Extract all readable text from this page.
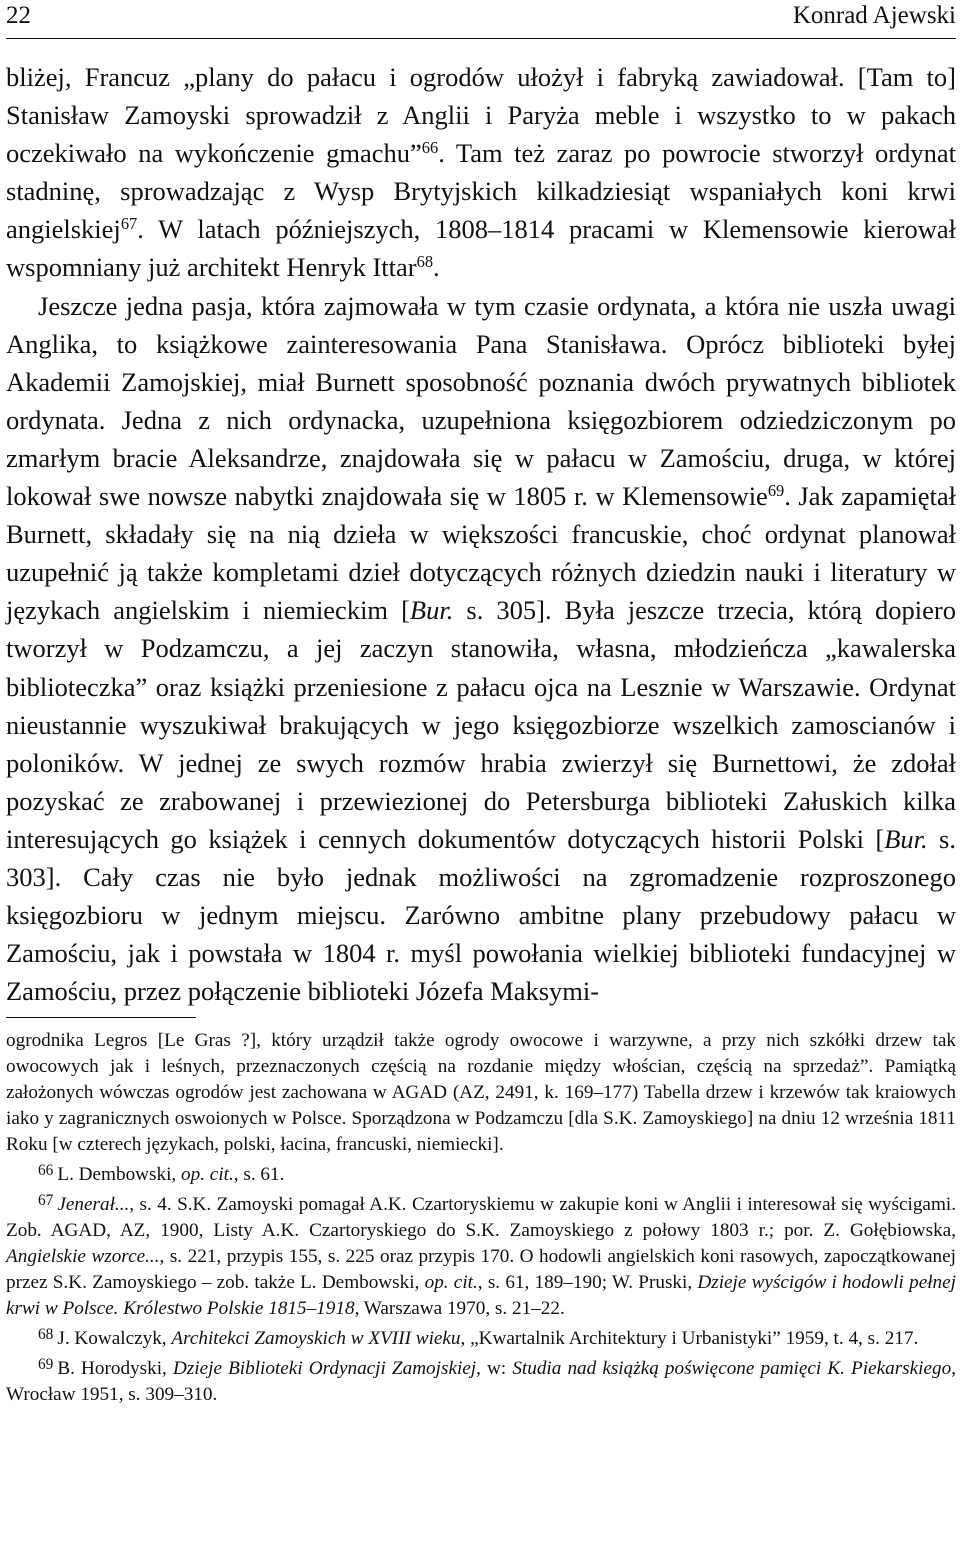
22	Konrad Ajewski

bliżej, Francuz „plany do pałacu i ogrodów ułożył i fabryką zawiadował. [Tam to] Stanisław Zamoyski sprowadził z Anglii i Paryża meble i wszystko to w pakach oczekiwało na wykończenie gmachu”$^{66}$. Tam też zaraz po powrocie stworzył ordynat stadninę, sprowadzając z Wysp Brytyjskich kilkadziesiąt wspaniałych koni krwi angielskiej$^{67}$. W latach późniejszych, 1808–1814 pracami w Klemensowie kierował wspomniany już architekt Henryk Ittar$^{68}$.

Jeszcze jedna pasja, która zajmowała w tym czasie ordynata, a która nie uszła uwagi Anglika, to książkowe zainteresowania Pana Stanisława. Oprócz biblioteki byłej Akademii Zamojskiej, miał Burnett sposobność poznania dwóch prywatnych bibliotek ordynata. Jedna z nich ordynacka, uzupełniona księgozbiorem odziedziczonym po zmarłym bracie Aleksandrze, znajdowała się w pałacu w Zamościu, druga, w której lokował swe nowsze nabytki znajdowała się w 1805 r. w Klemensowie$^{69}$. Jak zapamiętał Burnett, składały się na nią dzieła w większości francuskie, choć ordynat planował uzupełnić ją także kompletami dzieł dotyczących różnych dziedzin nauki i literatury w językach angielskim i niemieckim [Bur. s. 305]. Była jeszcze trzecia, którą dopiero tworzył w Podzamczu, a jej zaczyn stanowiła, własna, młodzieńcza „kawalerska biblioteczka” oraz książki przeniesione z pałacu ojca na Lesznie w Warszawie. Ordynat nieustannie wyszukiwał brakujących w jego księgozbiorze wszelkich zamoscianów i poloników. W jednej ze swych rozmów hrabia zwierzył się Burnettowi, że zdołał pozyskać ze zrabowanej i przewiezionej do Petersburga biblioteki Załuskich kilka interesujących go książek i cennych dokumentów dotyczących historii Polski [Bur. s. 303]. Cały czas nie było jednak możliwości na zgromadzenie rozproszonego księgozbioru w jednym miejscu. Zarówno ambitne plany przebudowy pałacu w Zamościu, jak i powstała w 1804 r. myśl powołania wielkiej biblioteki fundacyjnej w Zamościu, przez połączenie biblioteki Józefa Maksymi-

ogrodnika Legros [Le Gras ?], który urządził także ogrody owocowe i warzywne, a przy nich szkółki drzew tak owocowych jak i leśnych, przeznaczonych częścią na rozdanie między włościan, częścią na sprzedaż”. Pamiątką założonych wówczas ogrodów jest zachowana w AGAD (AZ, 2491, k. 169–177) Tabella drzew i krzewów tak kraiowych iako y zagranicznych oswoionych w Polsce. Sporządzona w Podzamczu [dla S.K. Zamoyskiego] na dniu 12 września 1811 Roku [w czterech językach, polski, łacina, francuski, niemiecki].

$^{66}$ L. Dembowski, op. cit., s. 61.

$^{67}$ Jenerał..., s. 4. S.K. Zamoyski pomagał A.K. Czartoryskiemu w zakupie koni w Anglii i interesował się wyścigami. Zob. AGAD, AZ, 1900, Listy A.K. Czartoryskiego do S.K. Zamoyskiego z połowy 1803 r.; por. Z. Gołębiowska, Angielskie wzorce..., s. 221, przypis 155, s. 225 oraz przypis 170. O hodowli angielskich koni rasowych, zapoczątkowanej przez S.K. Zamoyskiego – zob. także L. Dembowski, op. cit., s. 61, 189–190; W. Pruski, Dzieje wyścigów i hodowli pełnej krwi w Polsce. Królestwo Polskie 1815–1918, Warszawa 1970, s. 21–22.

$^{68}$ J. Kowalczyk, Architekci Zamoyskich w XVIII wieku, „Kwartalnik Architektury i Urbanistyki” 1959, t. 4, s. 217.

$^{69}$ B. Horodyski, Dzieje Biblioteki Ordynacji Zamojskiej, w: Studia nad książką poświęcone pamięci K. Piekarskiego, Wrocław 1951, s. 309–310.
